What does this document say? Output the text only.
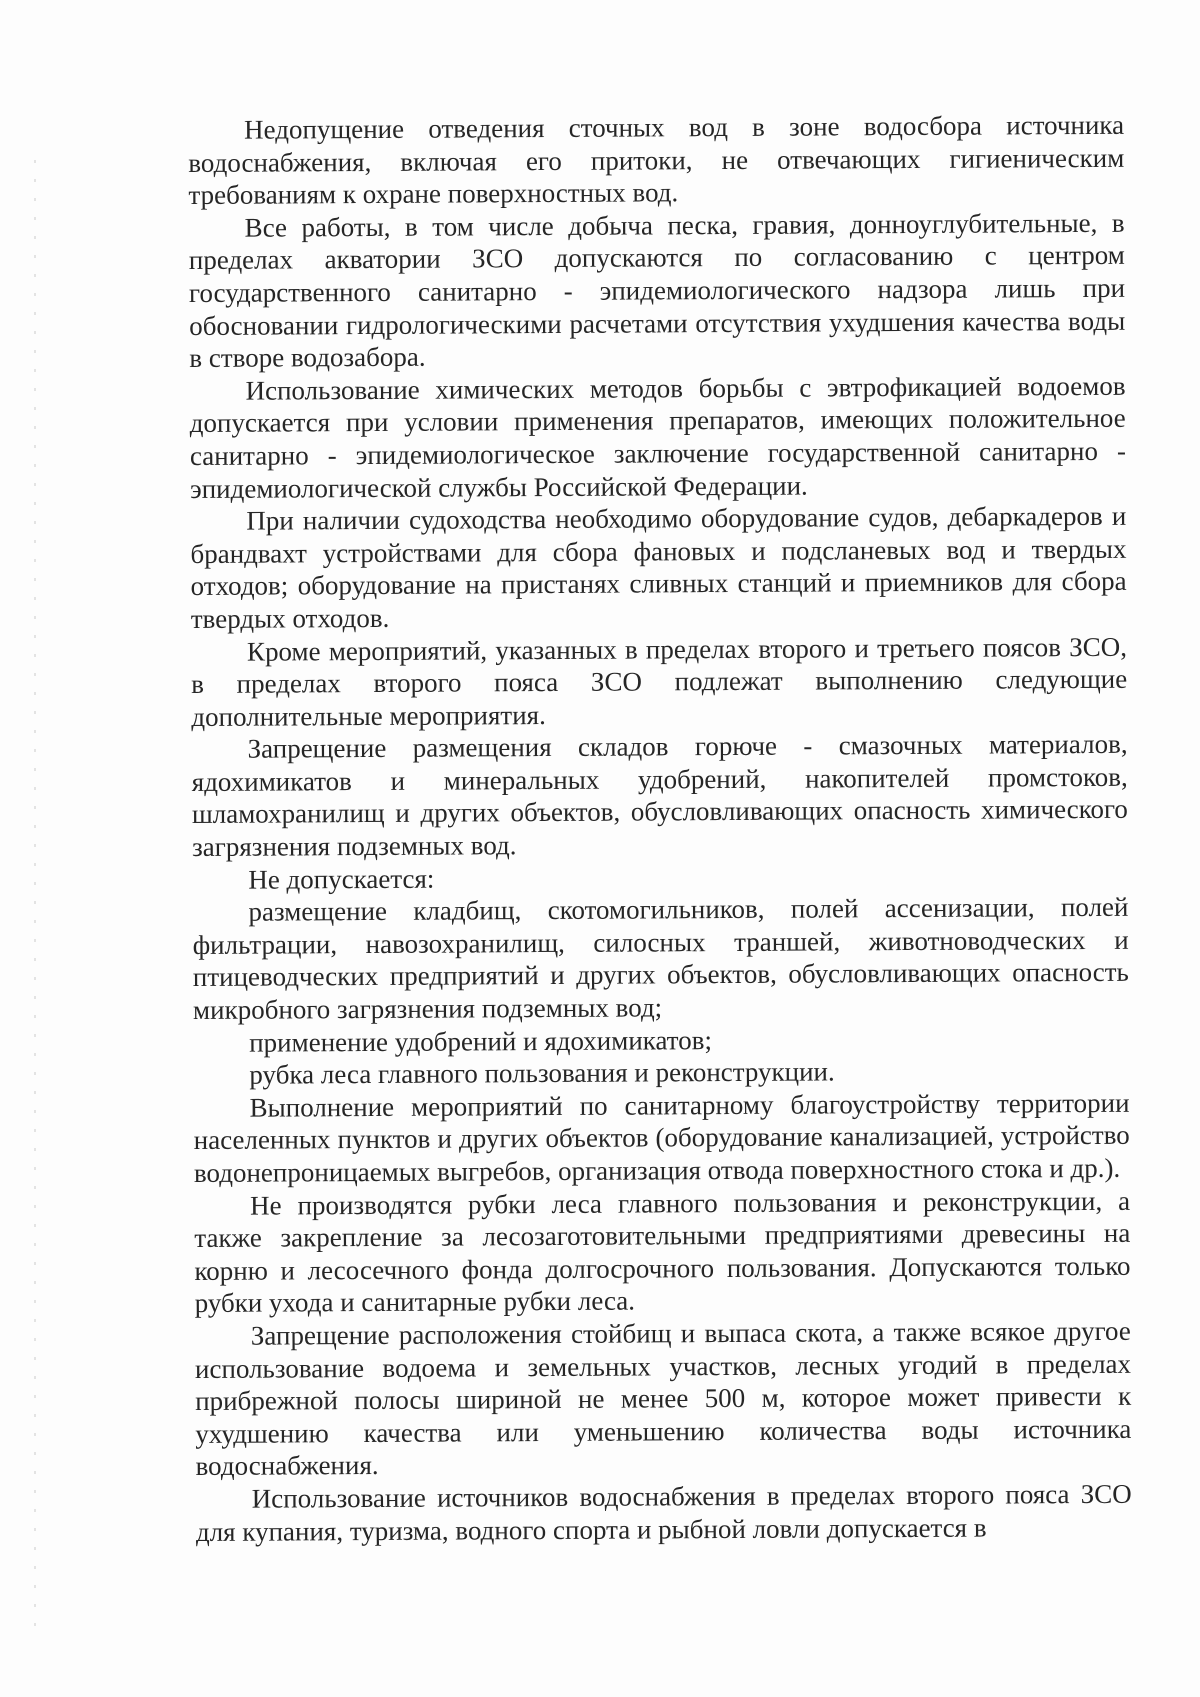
Недопущение отведения сточных вод в зоне водосбора источника водоснабжения, включая его притоки, не отвечающих гигиеническим требованиям к охране поверхностных вод.

Все работы, в том числе добыча песка, гравия, донноуглубительные, в пределах акватории ЗСО допускаются по согласованию с центром государственного санитарно - эпидемиологического надзора лишь при обосновании гидрологическими расчетами отсутствия ухудшения качества воды в створе водозабора.

Использование химических методов борьбы с эвтрофикацией водоемов допускается при условии применения препаратов, имеющих положительное санитарно - эпидемиологическое заключение государственной санитарно - эпидемиологической службы Российской Федерации.

При наличии судоходства необходимо оборудование судов, дебаркадеров и брандвахт устройствами для сбора фановых и подсланевых вод и твердых отходов; оборудование на пристанях сливных станций и приемников для сбора твердых отходов.

Кроме мероприятий, указанных в пределах второго и третьего поясов ЗСО, в пределах второго пояса ЗСО подлежат выполнению следующие дополнительные мероприятия.

Запрещение размещения складов горюче - смазочных материалов, ядохимикатов и минеральных удобрений, накопителей промстоков, шламохранилищ и других объектов, обусловливающих опасность химического загрязнения подземных вод.

Не допускается:

размещение кладбищ, скотомогильников, полей ассенизации, полей фильтрации, навозохранилищ, силосных траншей, животноводческих и птицеводческих предприятий и других объектов, обусловливающих опасность микробного загрязнения подземных вод;

применение удобрений и ядохимикатов;

рубка леса главного пользования и реконструкции.

Выполнение мероприятий по санитарному благоустройству территории населенных пунктов и других объектов (оборудование канализацией, устройство водонепроницаемых выгребов, организация отвода поверхностного стока и др.).

Не производятся рубки леса главного пользования и реконструкции, а также закрепление за лесозаготовительными предприятиями древесины на корню и лесосечного фонда долгосрочного пользования. Допускаются только рубки ухода и санитарные рубки леса.

Запрещение расположения стойбищ и выпаса скота, а также всякое другое использование водоема и земельных участков, лесных угодий в пределах прибрежной полосы шириной не менее 500 м, которое может привести к ухудшению качества или уменьшению количества воды источника водоснабжения.

Использование источников водоснабжения в пределах второго пояса ЗСО для купания, туризма, водного спорта и рыбной ловли допускается в
